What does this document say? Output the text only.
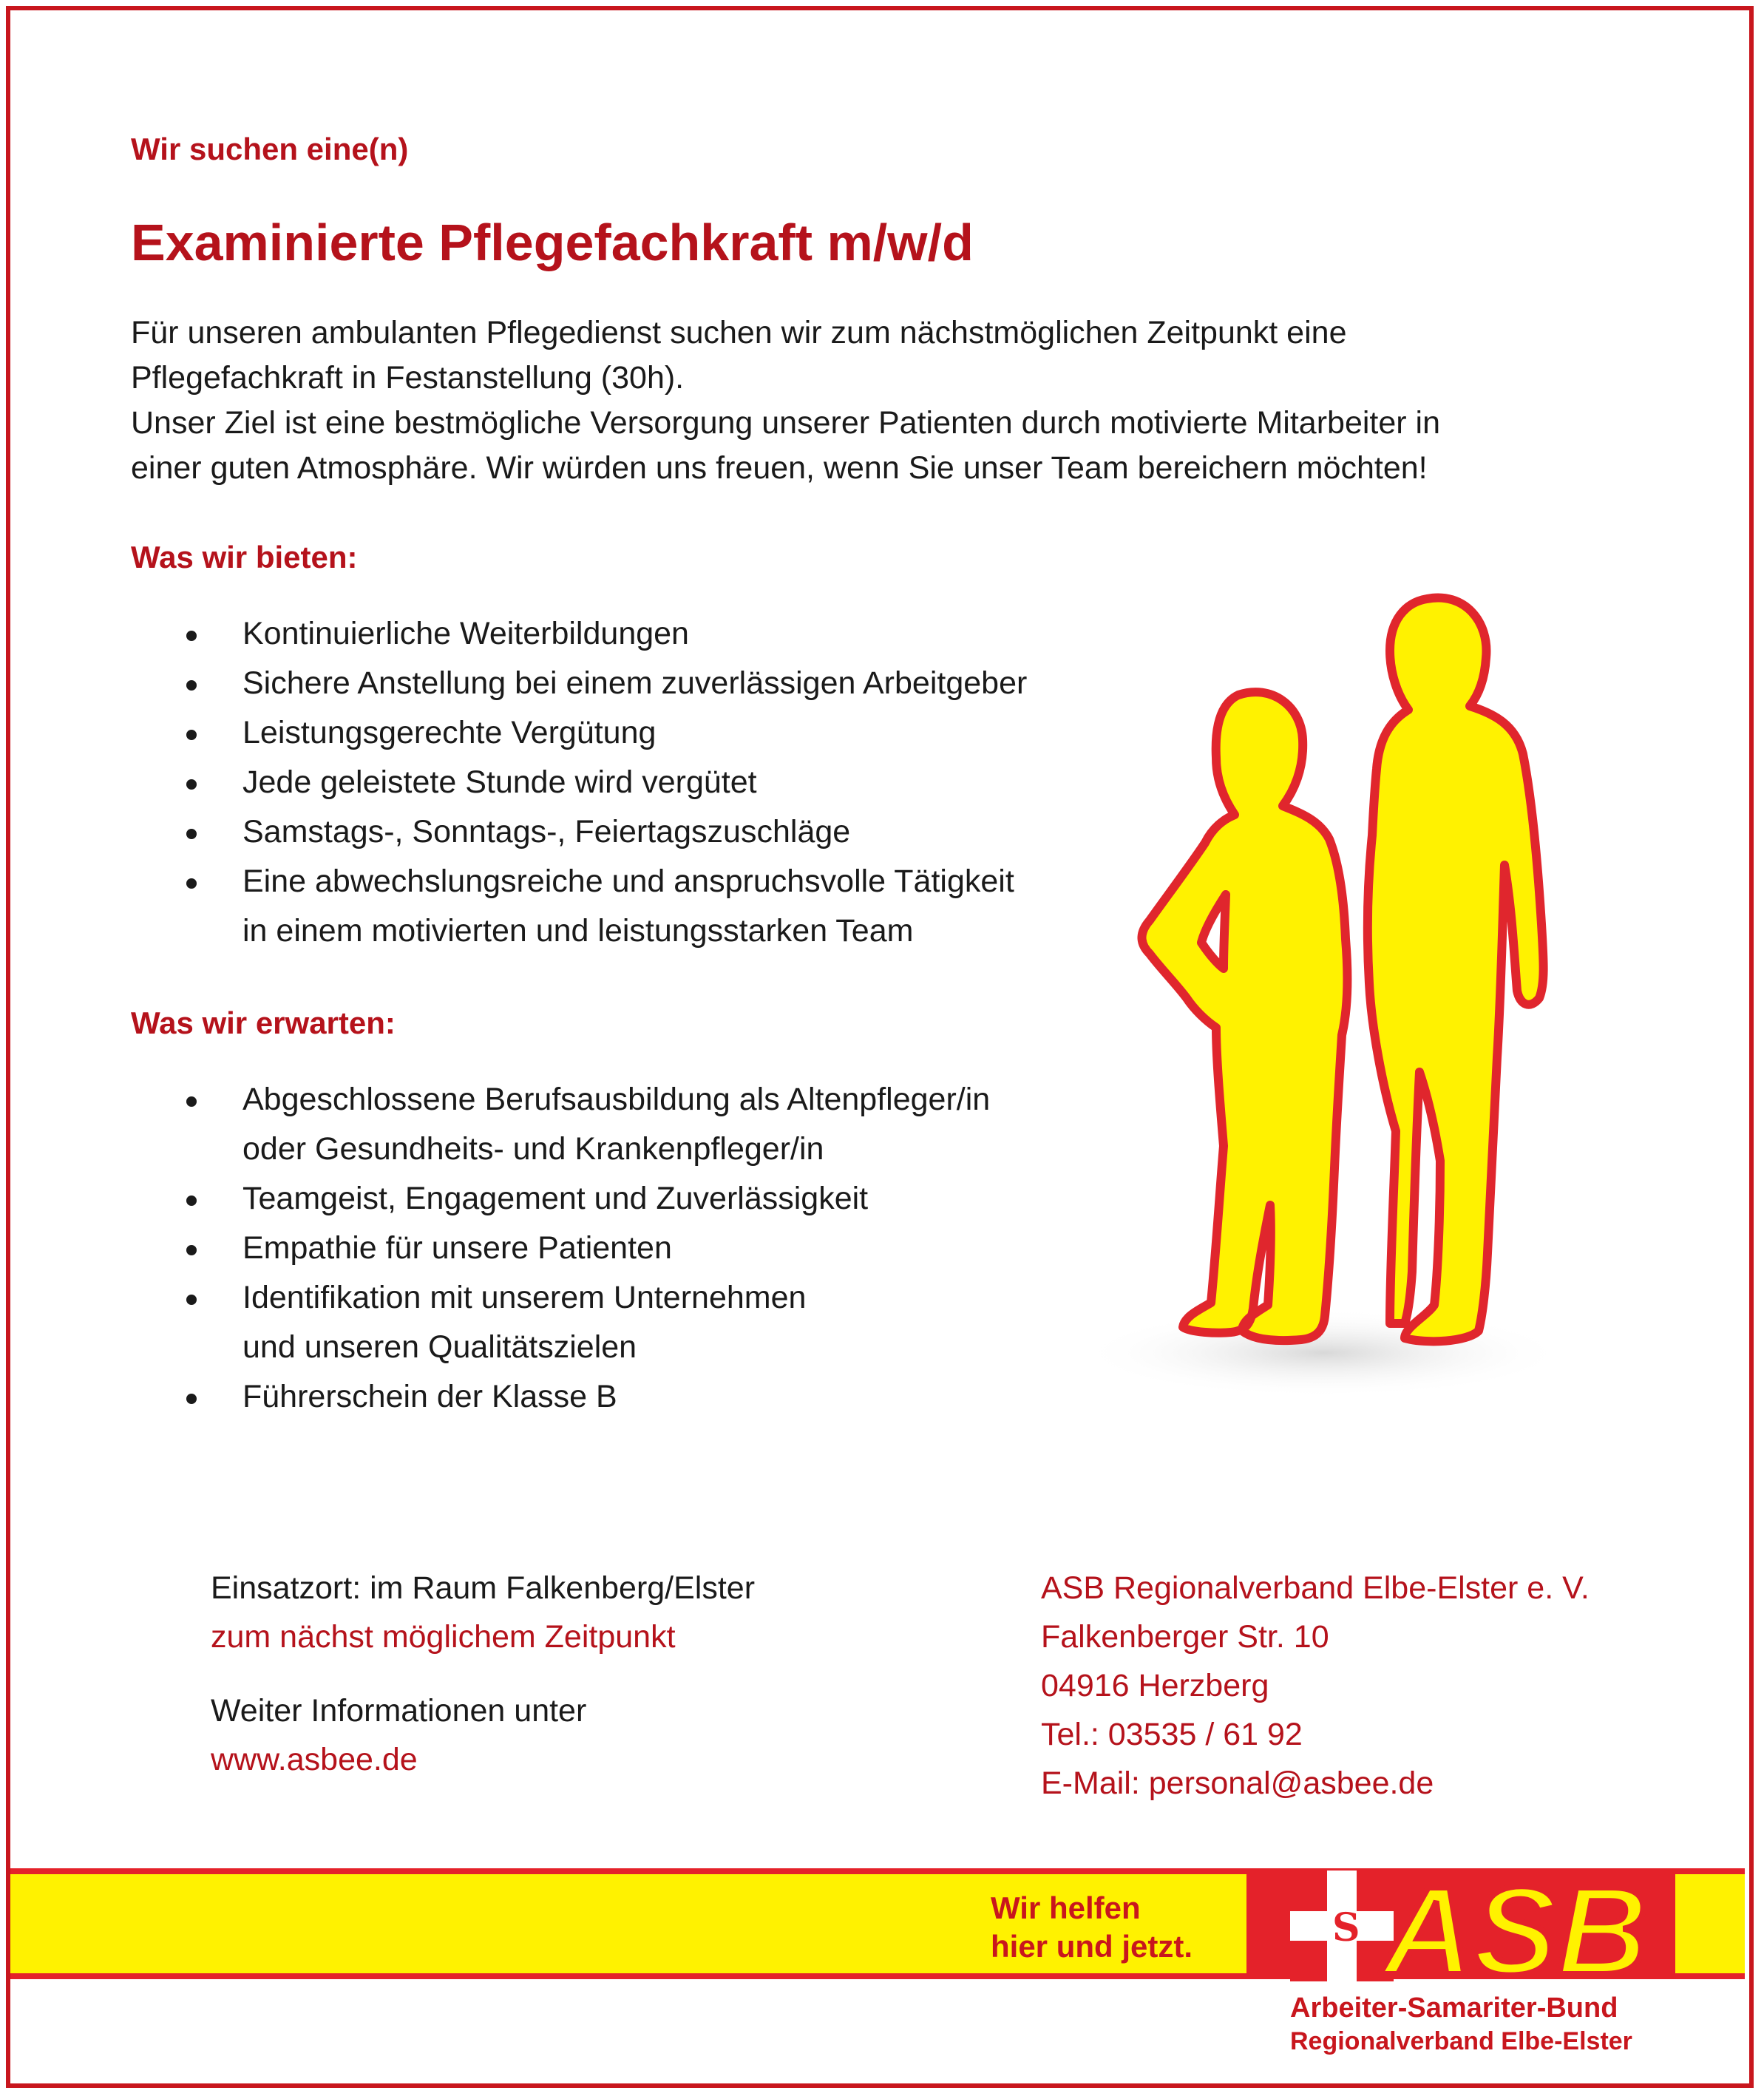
Wir suchen eine(n)
Examinierte Pflegefachkraft m/w/d

Für unseren ambulanten Pflegedienst suchen wir zum nächstmöglichen Zeitpunkt eine

Pflegefachkraft in Festanstellung (30h).

Unser Ziel ist eine bestmögliche Versorgung unserer Patienten durch motivierte Mitarbeiter in

einer guten Atmosphäre. Wir würden uns freuen, wenn Sie unser Team bereichern möchten!

Was wir bieten:
Kontinuierliche Weiterbildungen
Sichere Anstellung bei einem zuverlässigen Arbeitgeber
Leistungsgerechte Vergütung
Jede geleistete Stunde wird vergütet
Samstags-, Sonntags-, Feiertagszuschläge
Eine abwechslungsreiche und anspruchsvolle Tätigkeit
in einem motivierten und leistungsstarken Team
Was wir erwarten:
Abgeschlossene Berufsausbildung als Altenpfleger/in
oder Gesundheits- und Krankenpfleger/in
Teamgeist, Engagement und Zuverlässigkeit
Empathie für unsere Patienten
Identifikation mit unserem Unternehmen
und unseren Qualitätszielen
Führerschein der Klasse B
Einsatzort: im Raum Falkenberg/Elster
zum nächst möglichem Zeitpunkt
Weiter Informationen unter
www.asbee.de
ASB Regionalverband Elbe-Elster e. V.
Falkenberger Str. 10
04916 Herzberg
Tel.: 03535 / 61 92
E-Mail: personal@asbee.de
Wir helfen
hier und jetzt.	S ASB
Arbeiter-Samariter-Bund
Regionalverband Elbe-Elster
